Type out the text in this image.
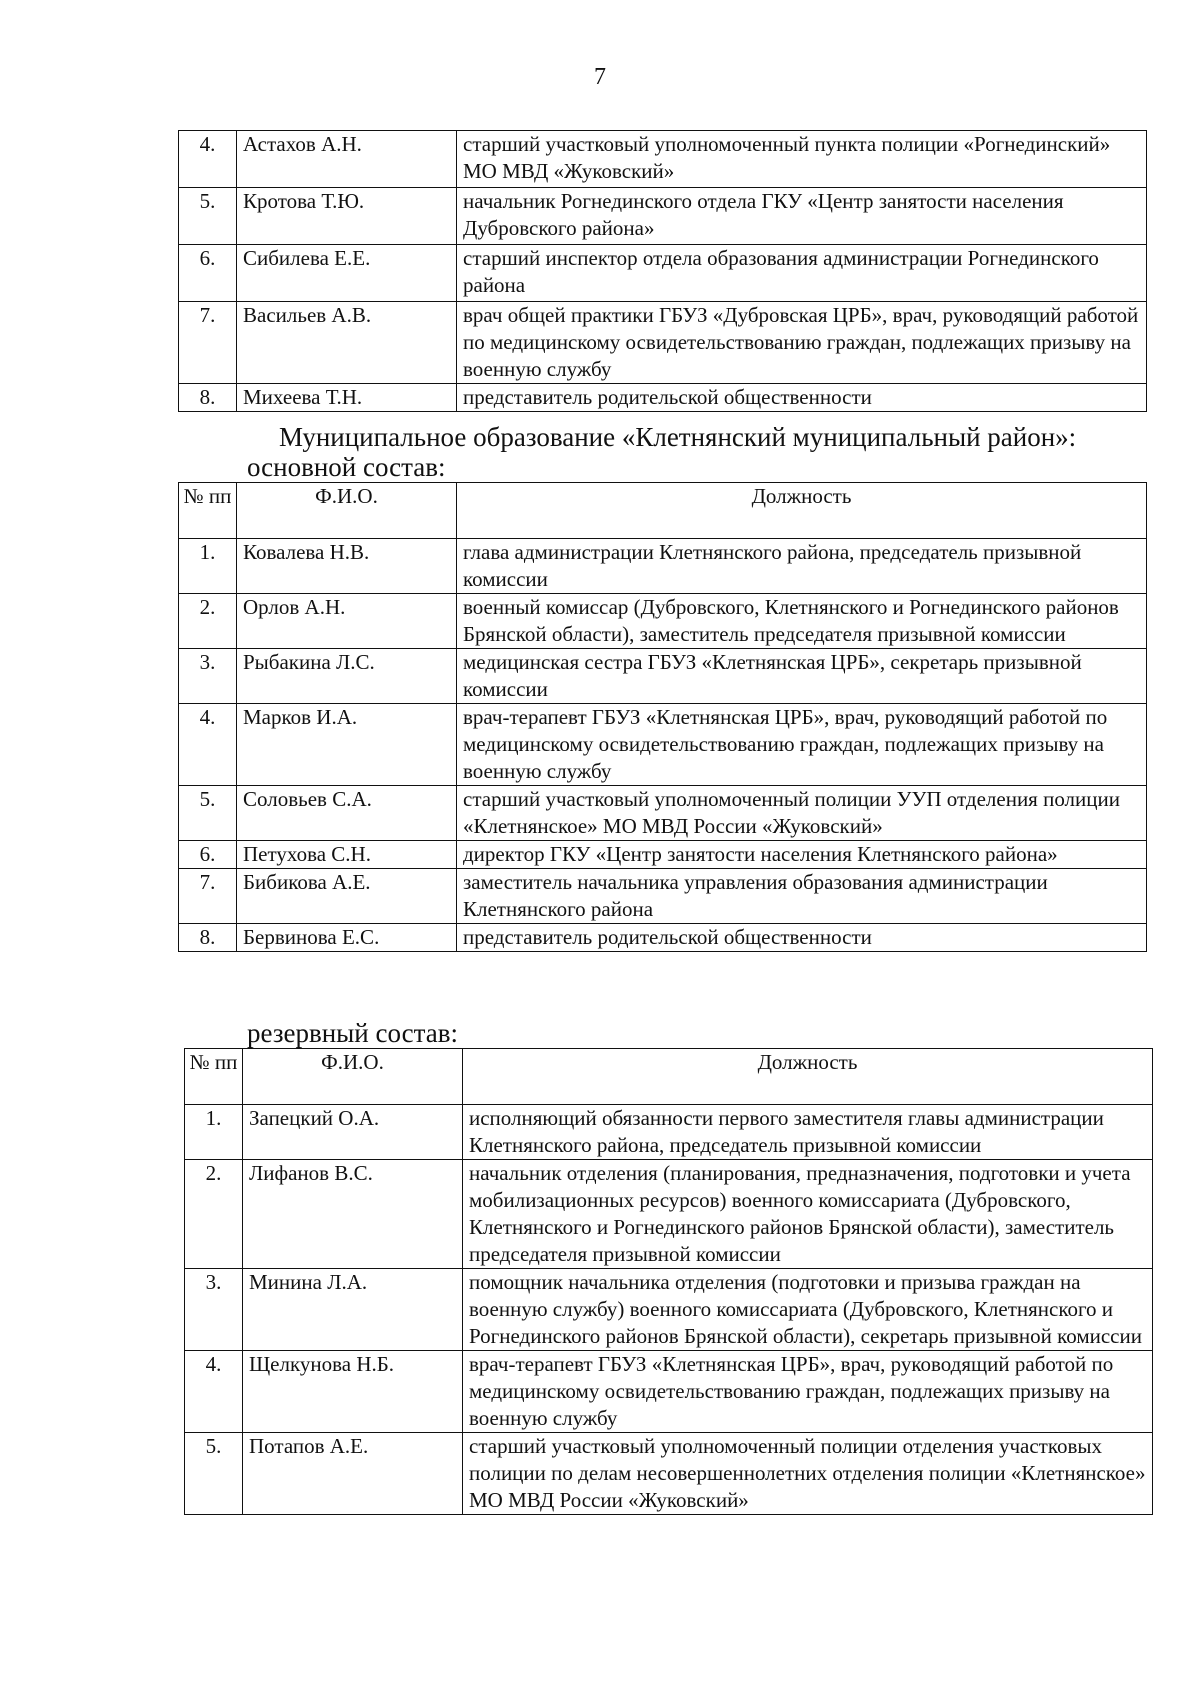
7
4.	Астахов А.Н.	старший участковый уполномоченный пункта полиции «Рогнединский» МО МВД «Жуковский»
5.	Кротова Т.Ю.	начальник Рогнединского отдела ГКУ «Центр занятости населения Дубровского района»
6.	Сибилева Е.Е.	старший инспектор отдела образования администрации Рогнединского района
7.	Васильев А.В.	врач общей практики ГБУЗ «Дубровская ЦРБ», врач, руководящий работой по медицинскому освидетельствованию граждан, подлежащих призыву на военную службу
8.	Михеева Т.Н.	представитель родительской общественности
Муниципальное образование «Клетнянский муниципальный район»:
основной состав:
№ пп	Ф.И.О.	Должность
1.	Ковалева Н.В.	глава администрации Клетнянского района, председатель призывной комиссии
2.	Орлов А.Н.	военный комиссар (Дубровского, Клетнянского и Рогнединского районов Брянской области), заместитель председателя призывной комиссии
3.	Рыбакина Л.С.	медицинская сестра ГБУЗ «Клетнянская ЦРБ», секретарь призывной комиссии
4.	Марков И.А.	врач-терапевт ГБУЗ «Клетнянская ЦРБ», врач, руководящий работой по медицинскому освидетельствованию граждан, подлежащих призыву на военную службу
5.	Соловьев С.А.	старший участковый уполномоченный полиции УУП отделения полиции «Клетнянское» МО МВД России «Жуковский»
6.	Петухова С.Н.	директор ГКУ «Центр занятости населения Клетнянского района»
7.	Бибикова А.Е.	заместитель начальника управления образования администрации Клетнянского района
8.	Бервинова Е.С.	представитель родительской общественности
резервный состав:
№ пп	Ф.И.О.	Должность
1.	Запецкий О.А.	исполняющий обязанности первого заместителя главы администрации Клетнянского района, председатель призывной комиссии
2.	Лифанов В.С.	начальник отделения (планирования, предназначения, подготовки и учета мобилизационных ресурсов) военного комиссариата (Дубровского, Клетнянского и Рогнединского районов Брянской области), заместитель председателя призывной комиссии
3.	Минина Л.А.	помощник начальника отделения (подготовки и призыва граждан на военную службу) военного комиссариата (Дубровского, Клетнянского и Рогнединского районов Брянской области), секретарь призывной комиссии
4.	Щелкунова Н.Б.	врач-терапевт ГБУЗ «Клетнянская ЦРБ», врач, руководящий работой по медицинскому освидетельствованию граждан, подлежащих призыву на военную службу
5.	Потапов А.Е.	старший участковый уполномоченный полиции отделения участковых полиции по делам несовершеннолетних отделения полиции «Клетнянское» МО МВД России «Жуковский»
